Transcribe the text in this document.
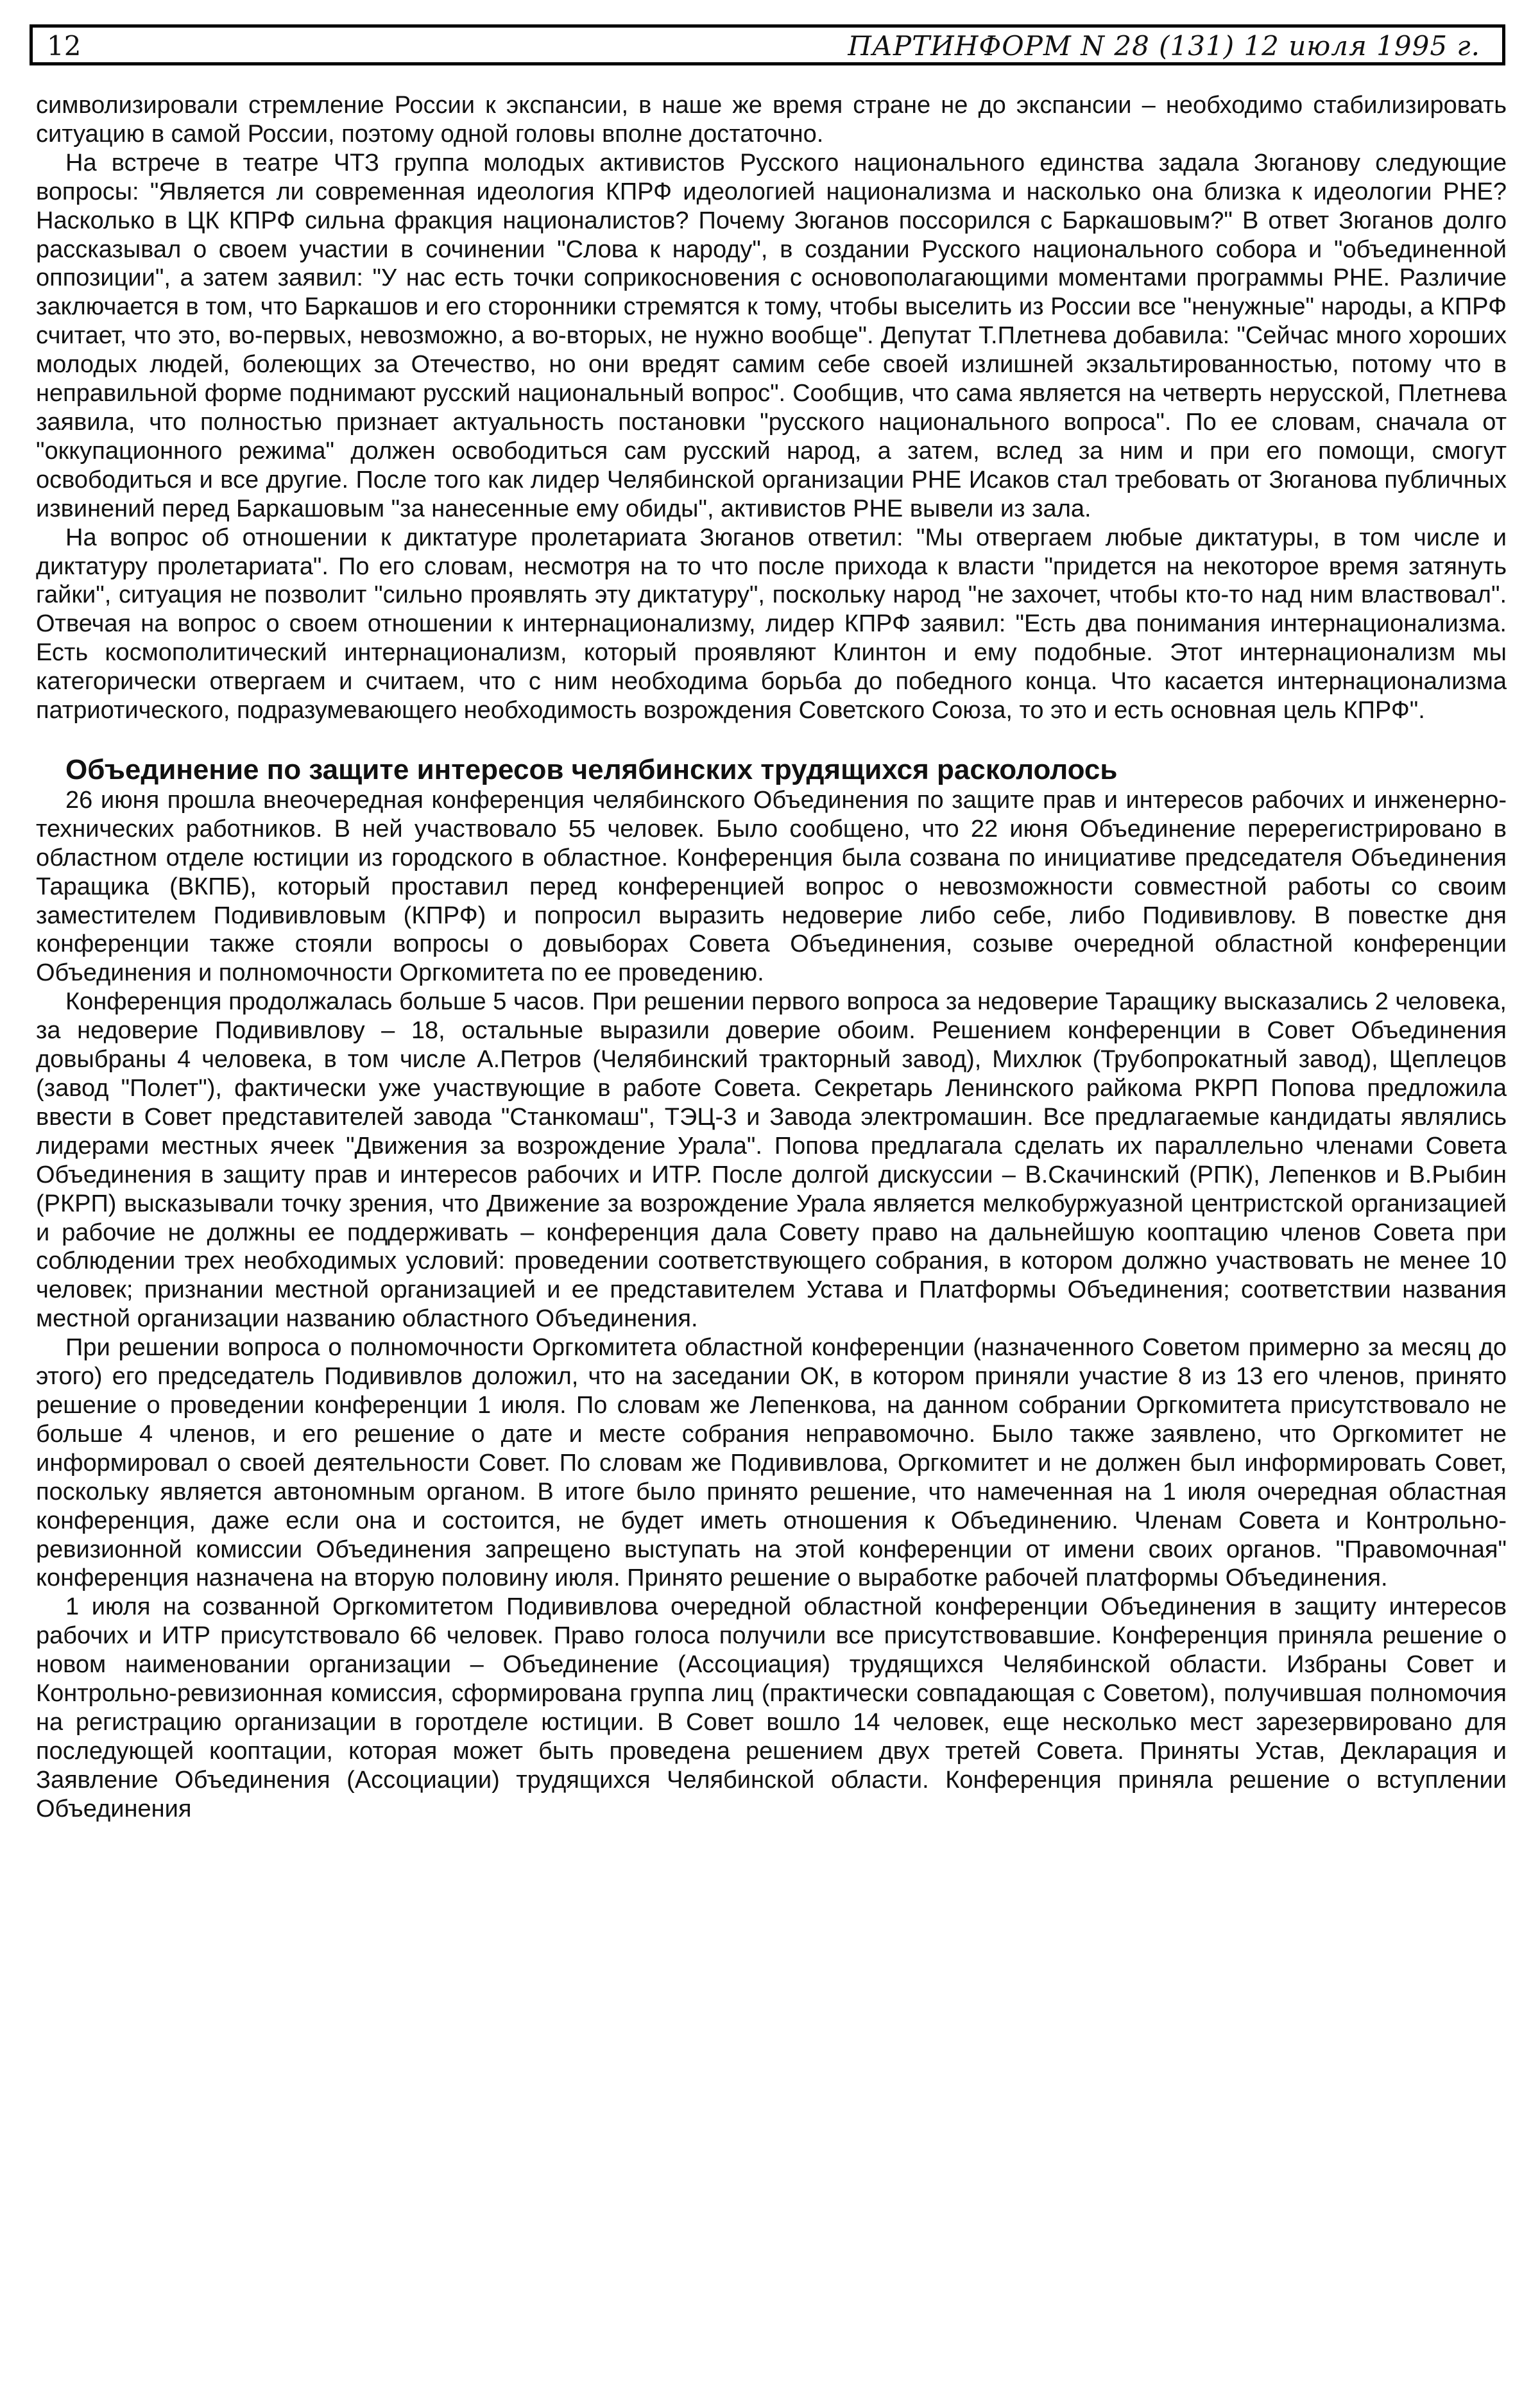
12	ПАРТИНФОРМ N 28 (131) 12 июля 1995 г.

символизировали стремление России к экспансии, в наше же время стране не до экспансии – необходимо стабилизировать ситуацию в самой России, поэтому одной головы вполне достаточно.

На встрече в театре ЧТЗ группа молодых активистов Русского национального единства задала Зюганову следующие вопросы: "Является ли современная идеология КПРФ идеологией национализма и насколько она близка к идеологии РНЕ? Насколько в ЦК КПРФ сильна фракция националистов? Почему Зюганов поссорился с Баркашовым?" В ответ Зюганов долго рассказывал о своем участии в сочинении "Слова к народу", в создании Русского национального собора и "объединенной оппозиции", а затем заявил: "У нас есть точки соприкосновения с основополагающими моментами программы РНЕ. Различие заключается в том, что Баркашов и его сторонники стремятся к тому, чтобы выселить из России все "ненужные" народы, а КПРФ считает, что это, во-первых, невозможно, а во-вторых, не нужно вообще". Депутат Т.Плетнева добавила: "Сейчас много хороших молодых людей, болеющих за Отечество, но они вредят самим себе своей излишней экзальтированностью, потому что в неправильной форме поднимают русский национальный вопрос". Сообщив, что сама является на четверть нерусской, Плетнева заявила, что полностью признает актуальность постановки "русского национального вопроса". По ее словам, сначала от "оккупационного режима" должен освободиться сам русский народ, а затем, вслед за ним и при его помощи, смогут освободиться и все другие. После того как лидер Челябинской организации РНЕ Исаков стал требовать от Зюганова публичных извинений перед Баркашовым "за нанесенные ему обиды", активистов РНЕ вывели из зала.

На вопрос об отношении к диктатуре пролетариата Зюганов ответил: "Мы отвергаем любые диктатуры, в том числе и диктатуру пролетариата". По его словам, несмотря на то что после прихода к власти "придется на некоторое время затянуть гайки", ситуация не позволит "сильно проявлять эту диктатуру", поскольку народ "не захочет, чтобы кто-то над ним властвовал". Отвечая на вопрос о своем отношении к интернационализму, лидер КПРФ заявил: "Есть два понимания интернационализма. Есть космополитический интернационализм, который проявляют Клинтон и ему подобные. Этот интернационализм мы категорически отвергаем и считаем, что с ним необходима борьба до победного конца. Что касается интернационализма патриотического, подразумевающего необходимость возрождения Советского Союза, то это и есть основная цель КПРФ".

Объединение по защите интересов челябинских трудящихся раскололось

26 июня прошла внеочередная конференция челябинского Объединения по защите прав и интересов рабочих и инженерно-технических работников. В ней участвовало 55 человек. Было сообщено, что 22 июня Объединение перерегистрировано в областном отделе юстиции из городского в областное. Конференция была созвана по инициативе председателя Объединения Таращика (ВКПБ), который проставил перед конференцией вопрос о невозможности совместной работы со своим заместителем Подививловым (КПРФ) и попросил выразить недоверие либо себе, либо Подививлову. В повестке дня конференции также стояли вопросы о довыборах Совета Объединения, созыве очередной областной конференции Объединения и полномочности Оргкомитета по ее проведению.

Конференция продолжалась больше 5 часов. При решении первого вопроса за недоверие Таращику высказались 2 человека, за недоверие Подививлову – 18, остальные выразили доверие обоим. Решением конференции в Совет Объединения довыбраны 4 человека, в том числе А.Петров (Челябинский тракторный завод), Михлюк (Трубопрокатный завод), Щеплецов (завод "Полет"), фактически уже участвующие в работе Совета. Секретарь Ленинского райкома РКРП Попова предложила ввести в Совет представителей завода "Станкомаш", ТЭЦ-3 и Завода электромашин. Все предлагаемые кандидаты являлись лидерами местных ячеек "Движения за возрождение Урала". Попова предлагала сделать их параллельно членами Совета Объединения в защиту прав и интересов рабочих и ИТР. После долгой дискуссии – В.Скачинский (РПК), Лепенков и В.Рыбин (РКРП) высказывали точку зрения, что Движение за возрождение Урала является мелкобуржуазной центристской организацией и рабочие не должны ее поддерживать – конференция дала Совету право на дальнейшую кооптацию членов Совета при соблюдении трех необходимых условий: проведении соответствующего собрания, в котором должно участвовать не менее 10 человек; признании местной организацией и ее представителем Устава и Платформы Объединения; соответствии названия местной организации названию областного Объединения.

При решении вопроса о полномочности Оргкомитета областной конференции (назначенного Советом примерно за месяц до этого) его председатель Подививлов доложил, что на заседании ОК, в котором приняли участие 8 из 13 его членов, принято решение о проведении конференции 1 июля. По словам же Лепенкова, на данном собрании Оргкомитета присутствовало не больше 4 членов, и его решение о дате и месте собрания неправомочно. Было также заявлено, что Оргкомитет не информировал о своей деятельности Совет. По словам же Подививлова, Оргкомитет и не должен был информировать Совет, поскольку является автономным органом. В итоге было принято решение, что намеченная на 1 июля очередная областная конференция, даже если она и состоится, не будет иметь отношения к Объединению. Членам Совета и Контрольно-ревизионной комиссии Объединения запрещено выступать на этой конференции от имени своих органов. "Правомочная" конференция назначена на вторую половину июля. Принято решение о выработке рабочей платформы Объединения.

1 июля на созванной Оргкомитетом Подививлова очередной областной конференции Объединения в защиту интересов рабочих и ИТР присутствовало 66 человек. Право голоса получили все присутствовавшие. Конференция приняла решение о новом наименовании организации – Объединение (Ассоциация) трудящихся Челябинской области. Избраны Совет и Контрольно-ревизионная комиссия, сформирована группа лиц (практически совпадающая с Советом), получившая полномочия на регистрацию организации в горотделе юстиции. В Совет вошло 14 человек, еще несколько мест зарезервировано для последующей кооптации, которая может быть проведена решением двух третей Совета. Приняты Устав, Декларация и Заявление Объединения (Ассоциации) трудящихся Челябинской области. Конференция приняла решение о вступлении Объединения
